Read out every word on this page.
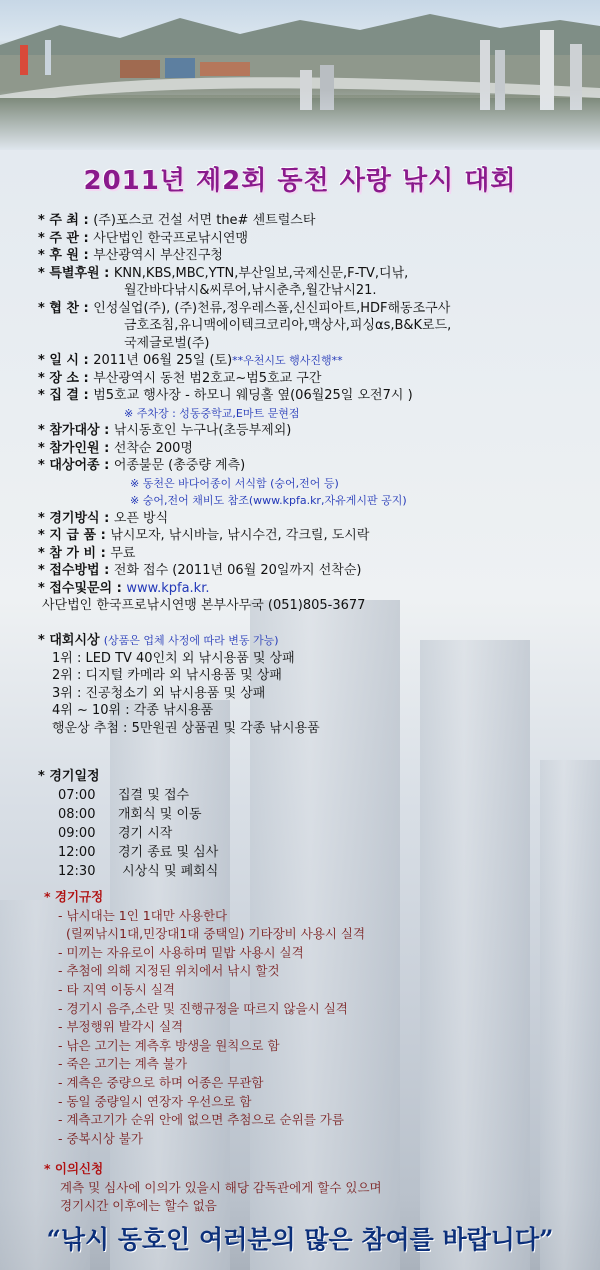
2011년 제2회 동천 사랑 낚시 대회
* 주 최 : (주)포스코 건설 서면 the# 센트럴스타
* 주 관 : 사단법인 한국프로낚시연맹
* 후 원 : 부산광역시 부산진구청
* 특별후원 : KNN,KBS,MBC,YTN,부산일보,국제신문,F-TV,디낚,
월간바다낚시&씨루어,낚시춘추,월간낚시21.
* 협 찬 : 인성실업(주), (주)천류,정우레스폴,신신피아트,HDF해동조구사
금호조침,유니맥에이텍크코리아,맥상사,피싱αs,B&K로드,
국제글로벌(주)
* 일 시 : 2011년 06월 25일 (토)**우천시도 행사진행**
* 장 소 : 부산광역시 동천 범2호교~범5호교 구간
* 집 결 : 범5호교 행사장 - 하모니 웨딩홀 옆(06월25일 오전7시 )
※ 주차장 : 성동중학교,E마트 문현점
* 참가대상 : 낚시동호인 누구나(초등부제외)
* 참가인원 : 선착순 200명
* 대상어종 : 어종불문 (총중량 계측)
※ 동천은 바다어종이 서식함 (숭어,전어 등)
※ 숭어,전어 채비도 참조(www.kpfa.kr,자유게시판 공지)
* 경기방식 : 오픈 방식
* 지 급 품 : 낚시모자, 낚시바늘, 낚시수건, 각크릴, 도시락
* 참 가 비 : 무료
* 접수방법 : 전화 접수 (2011년 06월 20일까지 선착순)
* 접수및문의 : www.kpfa.kr.
사단법인 한국프로낚시연맹 본부사무국 (051)805-3677
* 대회시상 (상품은 업체 사정에 따라 변동 가능)
1위 : LED TV 40인치 외 낚시용품 및 상패
2위 : 디지털 카메라 외 낚시용품 및 상패
3위 : 진공청소기 외 낚시용품 및 상패
4위 ~ 10위 : 각종 낚시용품
행운상 추첨 : 5만원권 상품권 및 각종 낚시용품
* 경기일정
07:00 집결 및 접수
08:00 개회식 및 이동
09:00 경기 시작
12:00 경기 종료 및 심사
12:30 시상식 및 폐회식
* 경기규정
- 낚시대는 1인 1대만 사용한다
(릴찌낚시1대,민장대1대 중택일) 기타장비 사용시 실격
- 미끼는 자유로이 사용하며 밑밥 사용시 실격
- 추첨에 의해 지정된 위치에서 낚시 할것
- 타 지역 이동시 실격
- 경기시 음주,소란 및 진행규정을 따르지 않을시 실격
- 부정행위 발각시 실격
- 낚은 고기는 계측후 방생을 원칙으로 함
- 죽은 고기는 계측 불가
- 계측은 중량으로 하며 어종은 무관함
- 동일 중량일시 연장자 우선으로 함
- 계측고기가 순위 안에 없으면 추첨으로 순위를 가름
- 중복시상 불가
* 이의신청
계측 및 심사에 이의가 있을시 해당 감독관에게 할수 있으며
경기시간 이후에는 할수 없음
“낚시 동호인 여러분의 많은 참여를 바랍니다”
